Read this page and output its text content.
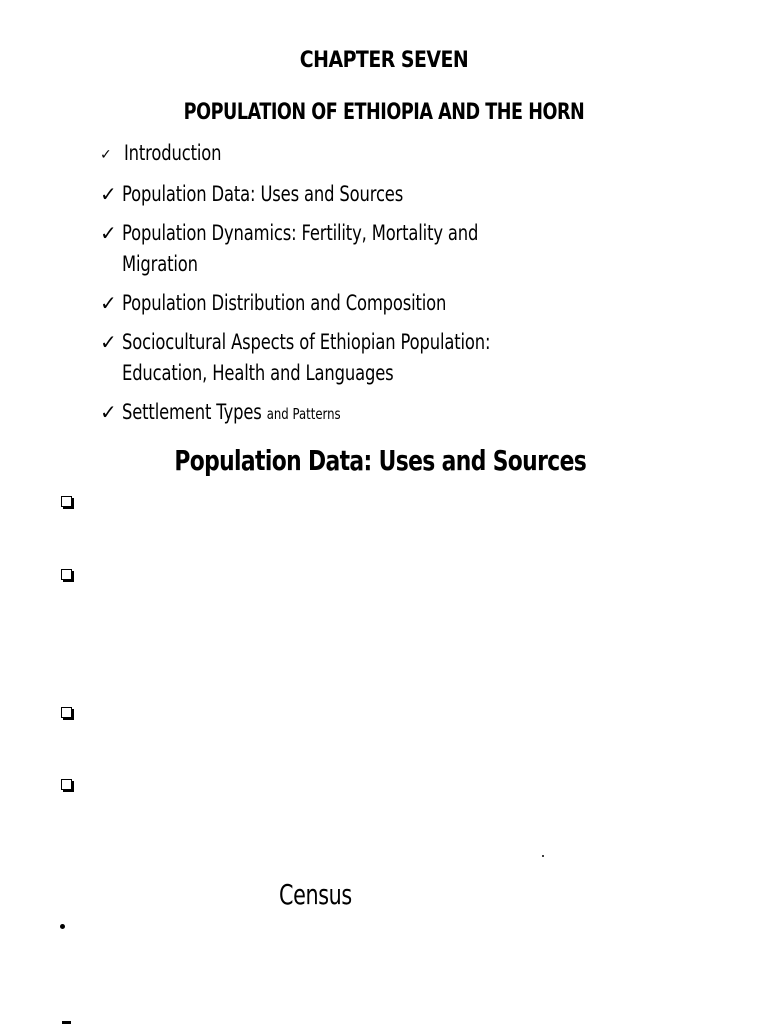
CHAPTER SEVEN
POPULATION OF ETHIOPIA AND THE HORN
✓ Introduction
✓ Population Data: Uses and Sources
✓ Population Dynamics: Fertility, Mortality and Migration
✓ Population Distribution and Composition
✓ Sociocultural Aspects of Ethiopian Population: Education, Health and Languages
✓ Settlement Types and Patterns
Population Data: Uses and Sources
Census
